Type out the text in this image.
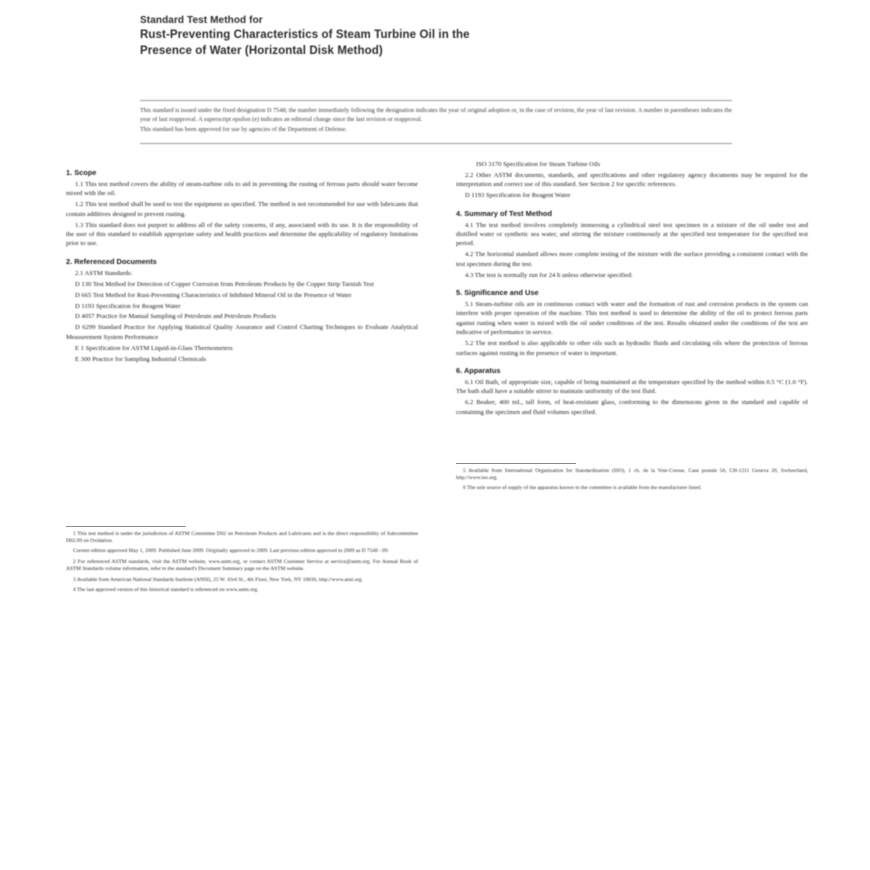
Standard Test Method for
Rust-Preventing Characteristics of Steam Turbine Oil in the
Presence of Water (Horizontal Disk Method)

This standard is issued under the fixed designation D 7548; the number immediately following the designation indicates the year of original adoption or, in the case of revision, the year of last revision. A number in parentheses indicates the year of last reapproval. A superscript epsilon (e) indicates an editorial change since the last revision or reapproval.

This standard has been approved for use by agencies of the Department of Defense.

1. Scope

1.1 This test method covers the ability of steam-turbine oils to aid in preventing the rusting of ferrous parts should water become mixed with the oil.

1.2 This test method shall be used to test the equipment as specified. The method is not recommended for use with lubricants that contain additives designed to prevent rusting.

1.3 This standard does not purport to address all of the safety concerns, if any, associated with its use. It is the responsibility of the user of this standard to establish appropriate safety and health practices and determine the applicability of regulatory limitations prior to use.

2. Referenced Documents

2.1 ASTM Standards:

D 130 Test Method for Detection of Copper Corrosion from Petroleum Products by the Copper Strip Tarnish Test

D 665 Test Method for Rust-Preventing Characteristics of Inhibited Mineral Oil in the Presence of Water

D 1193 Specification for Reagent Water

D 4057 Practice for Manual Sampling of Petroleum and Petroleum Products

D 6299 Standard Practice for Applying Statistical Quality Assurance and Control Charting Techniques to Evaluate Analytical Measurement System Performance

E 1 Specification for ASTM Liquid-in-Glass Thermometers

E 300 Practice for Sampling Industrial Chemicals

1 This test method is under the jurisdiction of ASTM Committee D02 on Petroleum Products and Lubricants and is the direct responsibility of Subcommittee D02.09 on Oxidation.

Current edition approved May 1, 2009. Published June 2009. Originally approved in 2009. Last previous edition approved in 2009 as D 7548 - 09.

2 For referenced ASTM standards, visit the ASTM website, www.astm.org, or contact ASTM Customer Service at service@astm.org. For Annual Book of ASTM Standards volume information, refer to the standard's Document Summary page on the ASTM website.

3 Available from American National Standards Institute (ANSI), 25 W. 43rd St., 4th Floor, New York, NY 10036, http://www.ansi.org.

4 The last approved version of this historical standard is referenced on www.astm.org.

ISO 3170 Specification for Steam Turbine Oils

2.2 Other ASTM documents, standards, and specifications and other regulatory agency documents may be required for the interpretation and correct use of this standard. See Section 2 for specific references.

D 1193 Specification for Reagent Water

4. Summary of Test Method

4.1 The test method involves completely immersing a cylindrical steel test specimen in a mixture of the oil under test and distilled water or synthetic sea water, and stirring the mixture continuously at the specified test temperature for the specified test period.

4.2 The horizontal standard allows more complete testing of the mixture with the surface providing a consistent contact with the test specimen during the test.

4.3 The test is normally run for 24 h unless otherwise specified.

5. Significance and Use

5.1 Steam-turbine oils are in continuous contact with water and the formation of rust and corrosion products in the system can interfere with proper operation of the machine. This test method is used to determine the ability of the oil to protect ferrous parts against rusting when water is mixed with the oil under conditions of the test. Results obtained under the conditions of the test are indicative of performance in service.

5.2 The test method is also applicable to other oils such as hydraulic fluids and circulating oils where the protection of ferrous surfaces against rusting in the presence of water is important.

6. Apparatus

6.1 Oil Bath, of appropriate size, capable of being maintained at the temperature specified by the method within 0.5 °C (1.0 °F). The bath shall have a suitable stirrer to maintain uniformity of the test fluid.

6.2 Beaker, 400 mL, tall form, of heat-resistant glass, conforming to the dimensions given in the standard and capable of containing the specimen and fluid volumes specified.

5 Available from International Organization for Standardization (ISO), 1 ch. de la Voie-Creuse, Case postale 56, CH-1211 Geneva 20, Switzerland, http://www.iso.org.

6 The sole source of supply of the apparatus known to the committee is available from the manufacturer listed.
